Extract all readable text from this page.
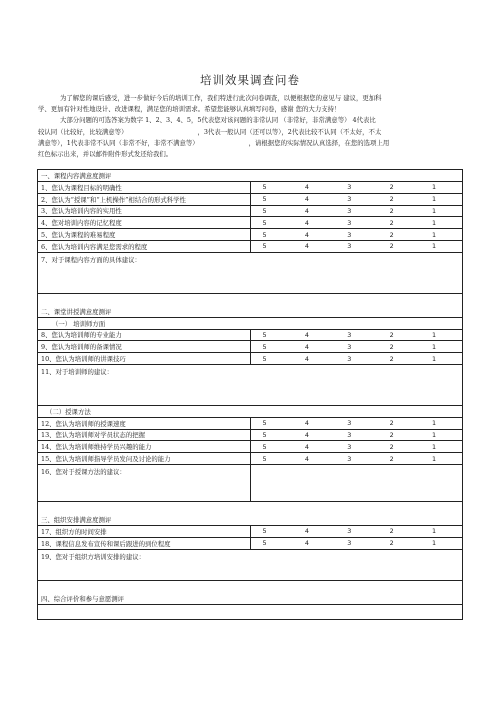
培训效果调查问卷

为了解您的课后感受，进一步做好今后的培训工作，我们特进行此次问卷调查，以便根据您的意见与 建议，更加科

学、更加有针对性地设计、改进课程，满足您的培训需求。希望您能够认真填写问卷，感谢 您的大力支持！

大部分问题的可选答案为数字 1、2、3、4、5，5代表您对该问题的非常认同 （非常好，非常满意等） 4代表比

较认同（比较好，比较满意等）	，3代表一般认同（还可以等），2代表比较不认同（不太好，不太

满意等），1代表非常不认同（非常不好，非常不满意等）	，请根据您的实际情况认真选择，在您的选项上用

红色标示出来，并以邮件附件形式发还给我们。

一、课程内容满意度测评	
1、您认为课程目标的明确性	5 4 3 2 1

2、您认为“授课”和“上机操作”相结合的形式科学性	5 4 3 2 1

3、您认为培训内容的实用性	5 4 3 2 1

4、您对培训内容的记忆程度	5 4 3 2 1

5、您认为课程的难易程度	5 4 3 2 1

6、您认为培训内容满足您需求的程度	5 4 3 2 1

7、对于课程内容方面的具体建议：	

二、课堂讲授满意度测评	
（一） 培训师方面	
8、您认为培训师的专业能力	5 4 3 2 1

9、您认为培训师的备课情况	5 4 3 2 1

10、您认为培训师的讲课技巧	5 4 3 2 1

11、对于培训师的建议：	
（二）授课方法	
12、您认为培训师的授课速度	5 4 3 2 1

13、您认为培训师对学员状态的把握	5 4 3 2 1

14、您认为培训师维持学员兴趣的能力	5 4 3 2 1

15、您认为培训师指导学员发问及讨论的能力	5 4 3 2 1

16、您对于授课方法的建议：	

三、组织安排满意度测评	
17、组织方的时间安排	5 4 3 2 1

18、课程信息发布宣传和课后跟进的到位程度	5 4 3 2 1

19、您对于组织方培训安排的建议：	

四、综合评价和参与意愿测评	
